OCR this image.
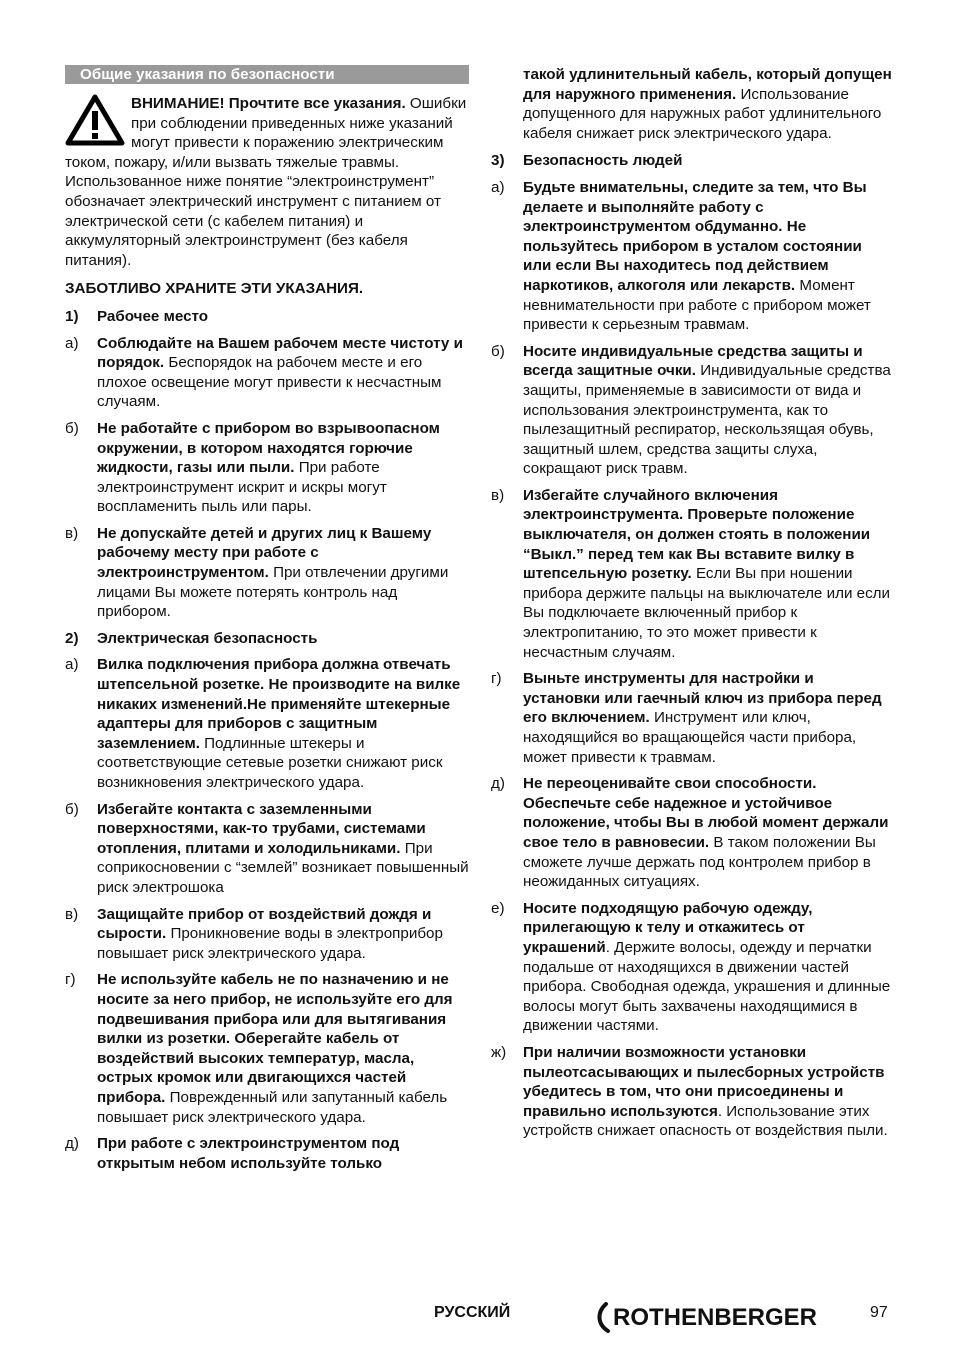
Общие указания по безопасности
ВНИМАНИЕ! Прочтите все указания. Ошибки при соблюдении приведенных ниже указаний могут привести к поражению электрическим током, пожару, и/или вызвать тяжелые травмы. Использованное ниже понятие “электроинструмент” обозначает электрический инструмент с питанием от электрической сети (с кабелем питания) и аккумуляторный электроинструмент (без кабеля питания).
ЗАБОТЛИВО ХРАНИТЕ ЭТИ УКАЗАНИЯ.
1)	Рабочее место
а)	Соблюдайте на Вашем рабочем месте чистоту и порядок. Беспорядок на рабочем месте и его плохое освещение могут привести к несчастным случаям.
б)	Не работайте с прибором во взрывоопасном окружении, в котором находятся горючие жидкости, газы или пыли. При работе электроинструмент искрит и искры могут воспламенить пыль или пары.
в)	Не допускайте детей и других лиц к Вашему рабочему месту при работе с электроинструментом. При отвлечении другими лицами Вы можете потерять контроль над прибором.
2)	Электрическая безопасность
а)	Вилка подключения прибора должна отвечать штепсельной розетке. Не производите на вилке никаких изменений.Не применяйте штекерные адаптеры для приборов с защитным заземлением. Подлинные штекеры и соответствующие сетевые розетки снижают риск возникновения электрического удара.
б)	Избегайте контакта с заземленными поверхностями, как-то трубами, системами отопления, плитами и холодильниками. При соприкосновении с “землей” возникает повышенный риск электрошока
в)	Защищайте прибор от воздействий дождя и сырости. Проникновение воды в электроприбор повышает риск электрического удара.
г)	Не используйте кабель не по назначению и не носите за него прибор, не используйте его для подвешивания прибора или для вытягивания вилки из розетки. Оберегайте кабель от воздействий высоких температур, масла, острых кромок или двигающихся частей прибора. Поврежденный или запутанный кабель повышает риск электрического удара.
д)	При работе с электроинструментом под открытым небом используйте только
такой удлинительный кабель, который допущен для наружного применения. Использование допущенного для наружных работ удлинительного кабеля снижает риск электрического удара.
3)	Безопасность людей
а)	Будьте внимательны, следите за тем, что Вы делаете и выполняйте работу с электроинструментом обдуманно. Не пользуйтесь прибором в усталом состоянии или если Вы находитесь под действием наркотиков, алкоголя или лекарств. Момент невнимательности при работе с прибором может привести к серьезным травмам.
б)	Носите индивидуальные средства защиты и всегда защитные очки. Индивидуальные средства защиты, применяемые в зависимости от вида и использования электроинструмента, как то пылезащитный респиратор, нескользящая обувь, защитный шлем, средства защиты слуха, сокращают риск травм.
в)	Избегайте случайного включения электроинструмента. Проверьте положение выключателя, он должен стоять в положении “Выкл.” перед тем как Вы вставите вилку в штепсельную розетку. Если Вы при ношении прибора держите пальцы на выключателе или если Вы подключаете включенный прибор к электропитанию, то это может привести к несчастным случаям.
г)	Выньте инструменты для настройки и установки или гаечный ключ из прибора перед его включением. Инструмент или ключ, находящийся во вращающейся части прибора, может привести к травмам.
д)	Не переоценивайте свои способности. Обеспечьте себе надежное и устойчивое положение, чтобы Вы в любой момент держали свое тело в равновесии. В таком положении Вы сможете лучше держать под контролем прибор в неожиданных ситуациях.
е)	Носите подходящую рабочую одежду, прилегающую к телу и откажитесь от украшений. Держите волосы, одежду и перчатки подальше от находящихся в движении частей прибора. Свободная одежда, украшения и длинные волосы могут быть захвачены находящимися в движении частями.
ж)	При наличии возможности установки пылеотсасывающих и пылесборных устройств убедитесь в том, что они присоединены и правильно используются. Использование этих устройств снижает опасность от воздействия пыли.
РУССКИЙ	ROTHENBERGER	97
